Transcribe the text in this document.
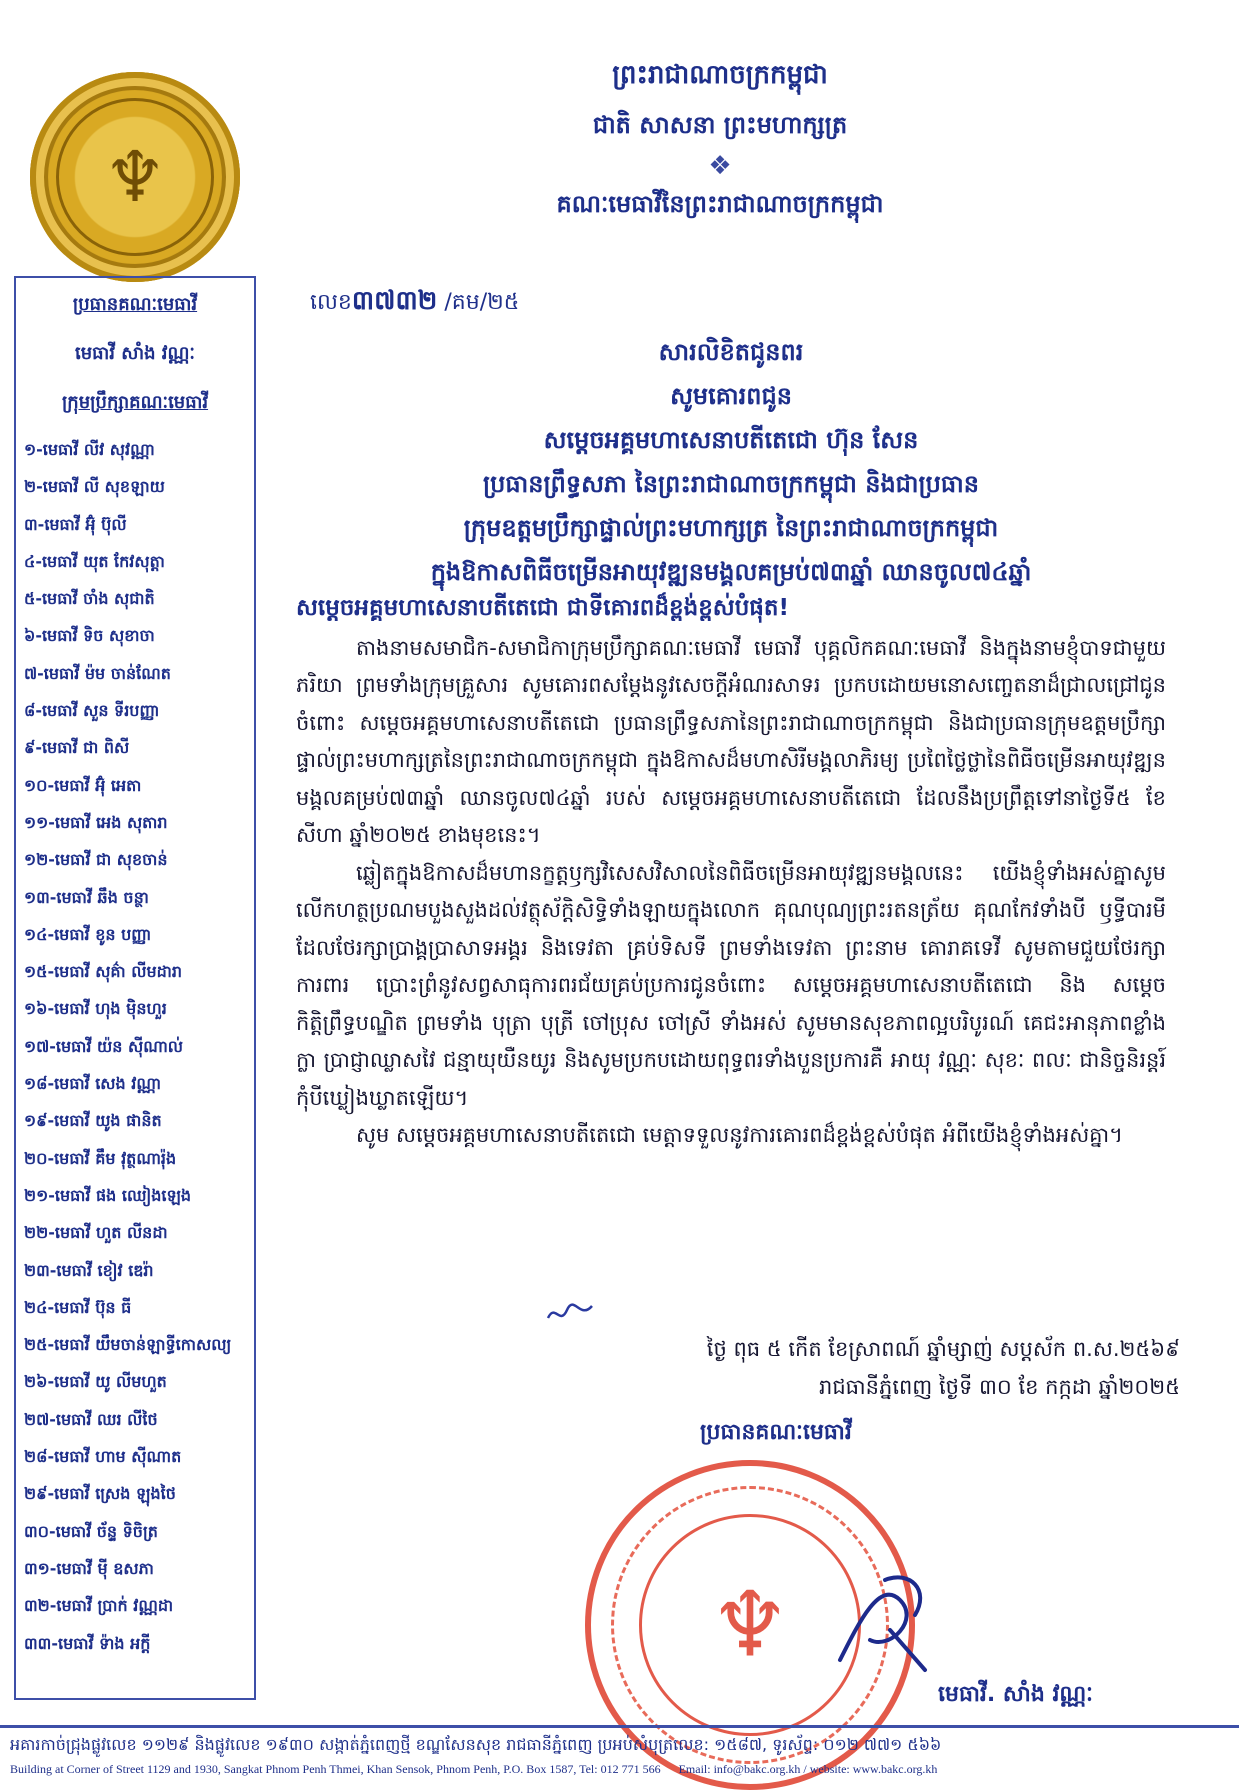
♆
ព្រះរាជាណាចក្រកម្ពុជា
ជាតិ សាសនា ព្រះមហាក្សត្រ
❖
គណៈមេធាវីនៃព្រះរាជាណាចក្រកម្ពុជា
ប្រធានគណៈមេធាវី
មេធាវី សាំង វណ្ណៈ
ក្រុមប្រឹក្សាគណៈមេធាវី
១-មេធាវី លីវ សុវណ្ណា
២-មេធាវី លី សុខឡាយ
៣-មេធាវី អ៊ុំ ប៊ុលី
៤-មេធាវី យុត កែវសុត្តា
៥-មេធាវី ចាំង សុជាតិ
៦-មេធាវី ទិច សុខាចា
៧-មេធាវី ម៉ម ចាន់ណែត
៨-មេធាវី សួន ទីរបញ្ញា
៩-មេធាវី ជា ពិសី
១០-មេធាវី អ៊ុំ អេតា
១១-មេធាវី អេង សុតារា
១២-មេធាវី ជា សុខចាន់
១៣-មេធាវី ឆឹង ចន្ថា
១៤-មេធាវី ខូន បញ្ញា
១៥-មេធាវី សុគ៌ា លីមដារា
១៦-មេធាវី ហុង ម៉ិនហួរ
១៧-មេធាវី យ៉ន ស៊ីណាល់
១៨-មេធាវី សេង វណ្ណា
១៩-មេធាវី យូង ផានិត
២០-មេធាវី គឹម វុត្ថណារ៉ុង
២១-មេធាវី ផង ឈៀងឡេង
២២-មេធាវី ហួត លីនដា
២៣-មេធាវី ខៀវ ឌេរ៉ា
២៤-មេធាវី ប៊ុន ធី
២៥-មេធាវី យឹមចាន់ឡាទ្ធីកោសល្យ
២៦-មេធាវី យូ លីមហួត
២៧-មេធាវី ឈរ លីថៃ
២៨-មេធាវី ហាម ស៊ីណាត
២៩-មេធាវី ស្រេង ឡុងថៃ
៣០-មេធាវី ច័ន្ទ ទិចិត្រ
៣១-មេធាវី ម៉ី ឧសភា
៣២-មេធាវី ប្រាក់ វណ្ណដា
៣៣-មេធាវី ទ៉ាង អក្តី
លេខ៣៧៣២ /គម/២៥
សារលិខិតជូនពរ
សូមគោរពជូន
សម្តេចអគ្គមហាសេនាបតីតេជោ ហ៊ុន សែន
ប្រធានព្រឹទ្ធសភា នៃព្រះរាជាណាចក្រកម្ពុជា និងជាប្រធាន
ក្រុមឧត្តមប្រឹក្សាផ្ទាល់ព្រះមហាក្សត្រ នៃព្រះរាជាណាចក្រកម្ពុជា
ក្នុងឱកាសពិធីចម្រើនអាយុវឌ្ឍនមង្គលគម្រប់៧៣ឆ្នាំ ឈានចូល៧៤ឆ្នាំ

សម្តេចអគ្គមហាសេនាបតីតេជោ ជាទីគោរពដ៏ខ្ពង់ខ្ពស់បំផុត!

តាងនាមសមាជិក-សមាជិកាក្រុមប្រឹក្សាគណៈមេធាវី មេធាវី បុគ្គលិកគណៈមេធាវី និងក្នុងនាមខ្ញុំបាទជាមួយភរិយា ព្រមទាំងក្រុមគ្រួសារ សូមគោរពសម្តែងនូវសេចក្តីអំណរសាទរ ប្រកបដោយមនោសញ្ចេតនាដ៏ជ្រាលជ្រៅជូនចំពោះ សម្តេចអគ្គមហាសេនាបតីតេជោ ប្រធានព្រឹទ្ធសភានៃព្រះរាជាណាចក្រកម្ពុជា និងជាប្រធានក្រុមឧត្តមប្រឹក្សាផ្ទាល់ព្រះមហាក្សត្រនៃព្រះរាជាណាចក្រកម្ពុជា ក្នុងឱកាសដ៏មហាសិរីមង្គលាភិរម្យ ប្រពៃថ្លៃថ្លានៃពិធីចម្រើនអាយុវឌ្ឍនមង្គលគម្រប់៧៣ឆ្នាំ ឈានចូល៧៤ឆ្នាំ របស់ សម្តេចអគ្គមហាសេនាបតីតេជោ ដែលនឹងប្រព្រឹត្តទៅនាថ្ងៃទី៥ ខែសីហា ឆ្នាំ២០២៥ ខាងមុខនេះ។

ឆ្លៀតក្នុងឱកាសដ៏មហានក្ខត្តឫក្សវិសេសវិសាលនៃពិធីចម្រើនអាយុវឌ្ឍនមង្គលនេះ យើងខ្ញុំទាំងអស់គ្នាសូមលើកហត្ថប្រណមបួងសួងដល់វត្ថុស័ក្តិសិទ្ធិទាំងឡាយក្នុងលោក គុណបុណ្យព្រះរតនត្រ័យ គុណកែវទាំងបី ឫទ្ធីបារមីដែលថែរក្សាប្រាង្គប្រាសាទអង្គរ និងទេវតា គ្រប់ទិសទី ព្រមទាំងទេវតា ព្រះនាម គោរាគទេវី សូមតាមជួយថែរក្សា ការពារ ប្រោះព្រំនូវសព្វសាធុការពរជ័យគ្រប់ប្រការជូនចំពោះ សម្តេចអគ្គមហាសេនាបតីតេជោ និង សម្តេចកិត្តិព្រឹទ្ធបណ្ឌិត ព្រមទាំង បុត្រា បុត្រី ចៅប្រុស ចៅស្រី ទាំងអស់ សូមមានសុខភាពល្អបរិបូរណ៍ គេជះអានុភាពខ្លាំងក្លា ប្រាជ្ញាឈ្លាសវៃ ជន្មាយុយឺនយូរ និងសូមប្រកបដោយពុទ្ធពរទាំងបួនប្រការគឺ អាយុ វណ្ណៈ សុខៈ ពលៈ ជានិច្ចនិរន្តរ៍កុំបីឃ្លៀងឃ្លាតឡើយ។

សូម សម្តេចអគ្គមហាសេនាបតីតេជោ មេត្តាទទួលនូវការគោរពដ៏ខ្ពង់ខ្ពស់បំផុត អំពីយើងខ្ញុំទាំងអស់គ្នា។

ថ្ងៃ ពុធ ៥ កើត ខែស្រាពណ៍ ឆ្នាំម្សាញ់ សប្តស័ក ព.ស.២៥៦៩
រាជធានីភ្នំពេញ ថ្ងៃទី ៣០ ខែ កក្កដា ឆ្នាំ២០២៥
ប្រធានគណៈមេធាវី
♆
មេធាវី. សាំង វណ្ណៈ
អគារកាច់ជ្រុងផ្លូវលេខ ១១២៩ និងផ្លូវលេខ ១៩៣០ សង្កាត់ភ្នំពេញថ្មី ខណ្ឌសែនសុខ រាជធានីភ្នំពេញ ប្រអប់សំបុត្រលេខ: ១៥៨៧, ទូរស័ព្ទ: ០១២ ៧៧១ ៥៦៦
Building at Corner of Street 1129 and 1930, Sangkat Phnom Penh Thmei, Khan Sensok, Phnom Penh, P.O. Box 1587, Tel: 012 771 566 Email: info@bakc.org.kh / website: www.bakc.org.kh
